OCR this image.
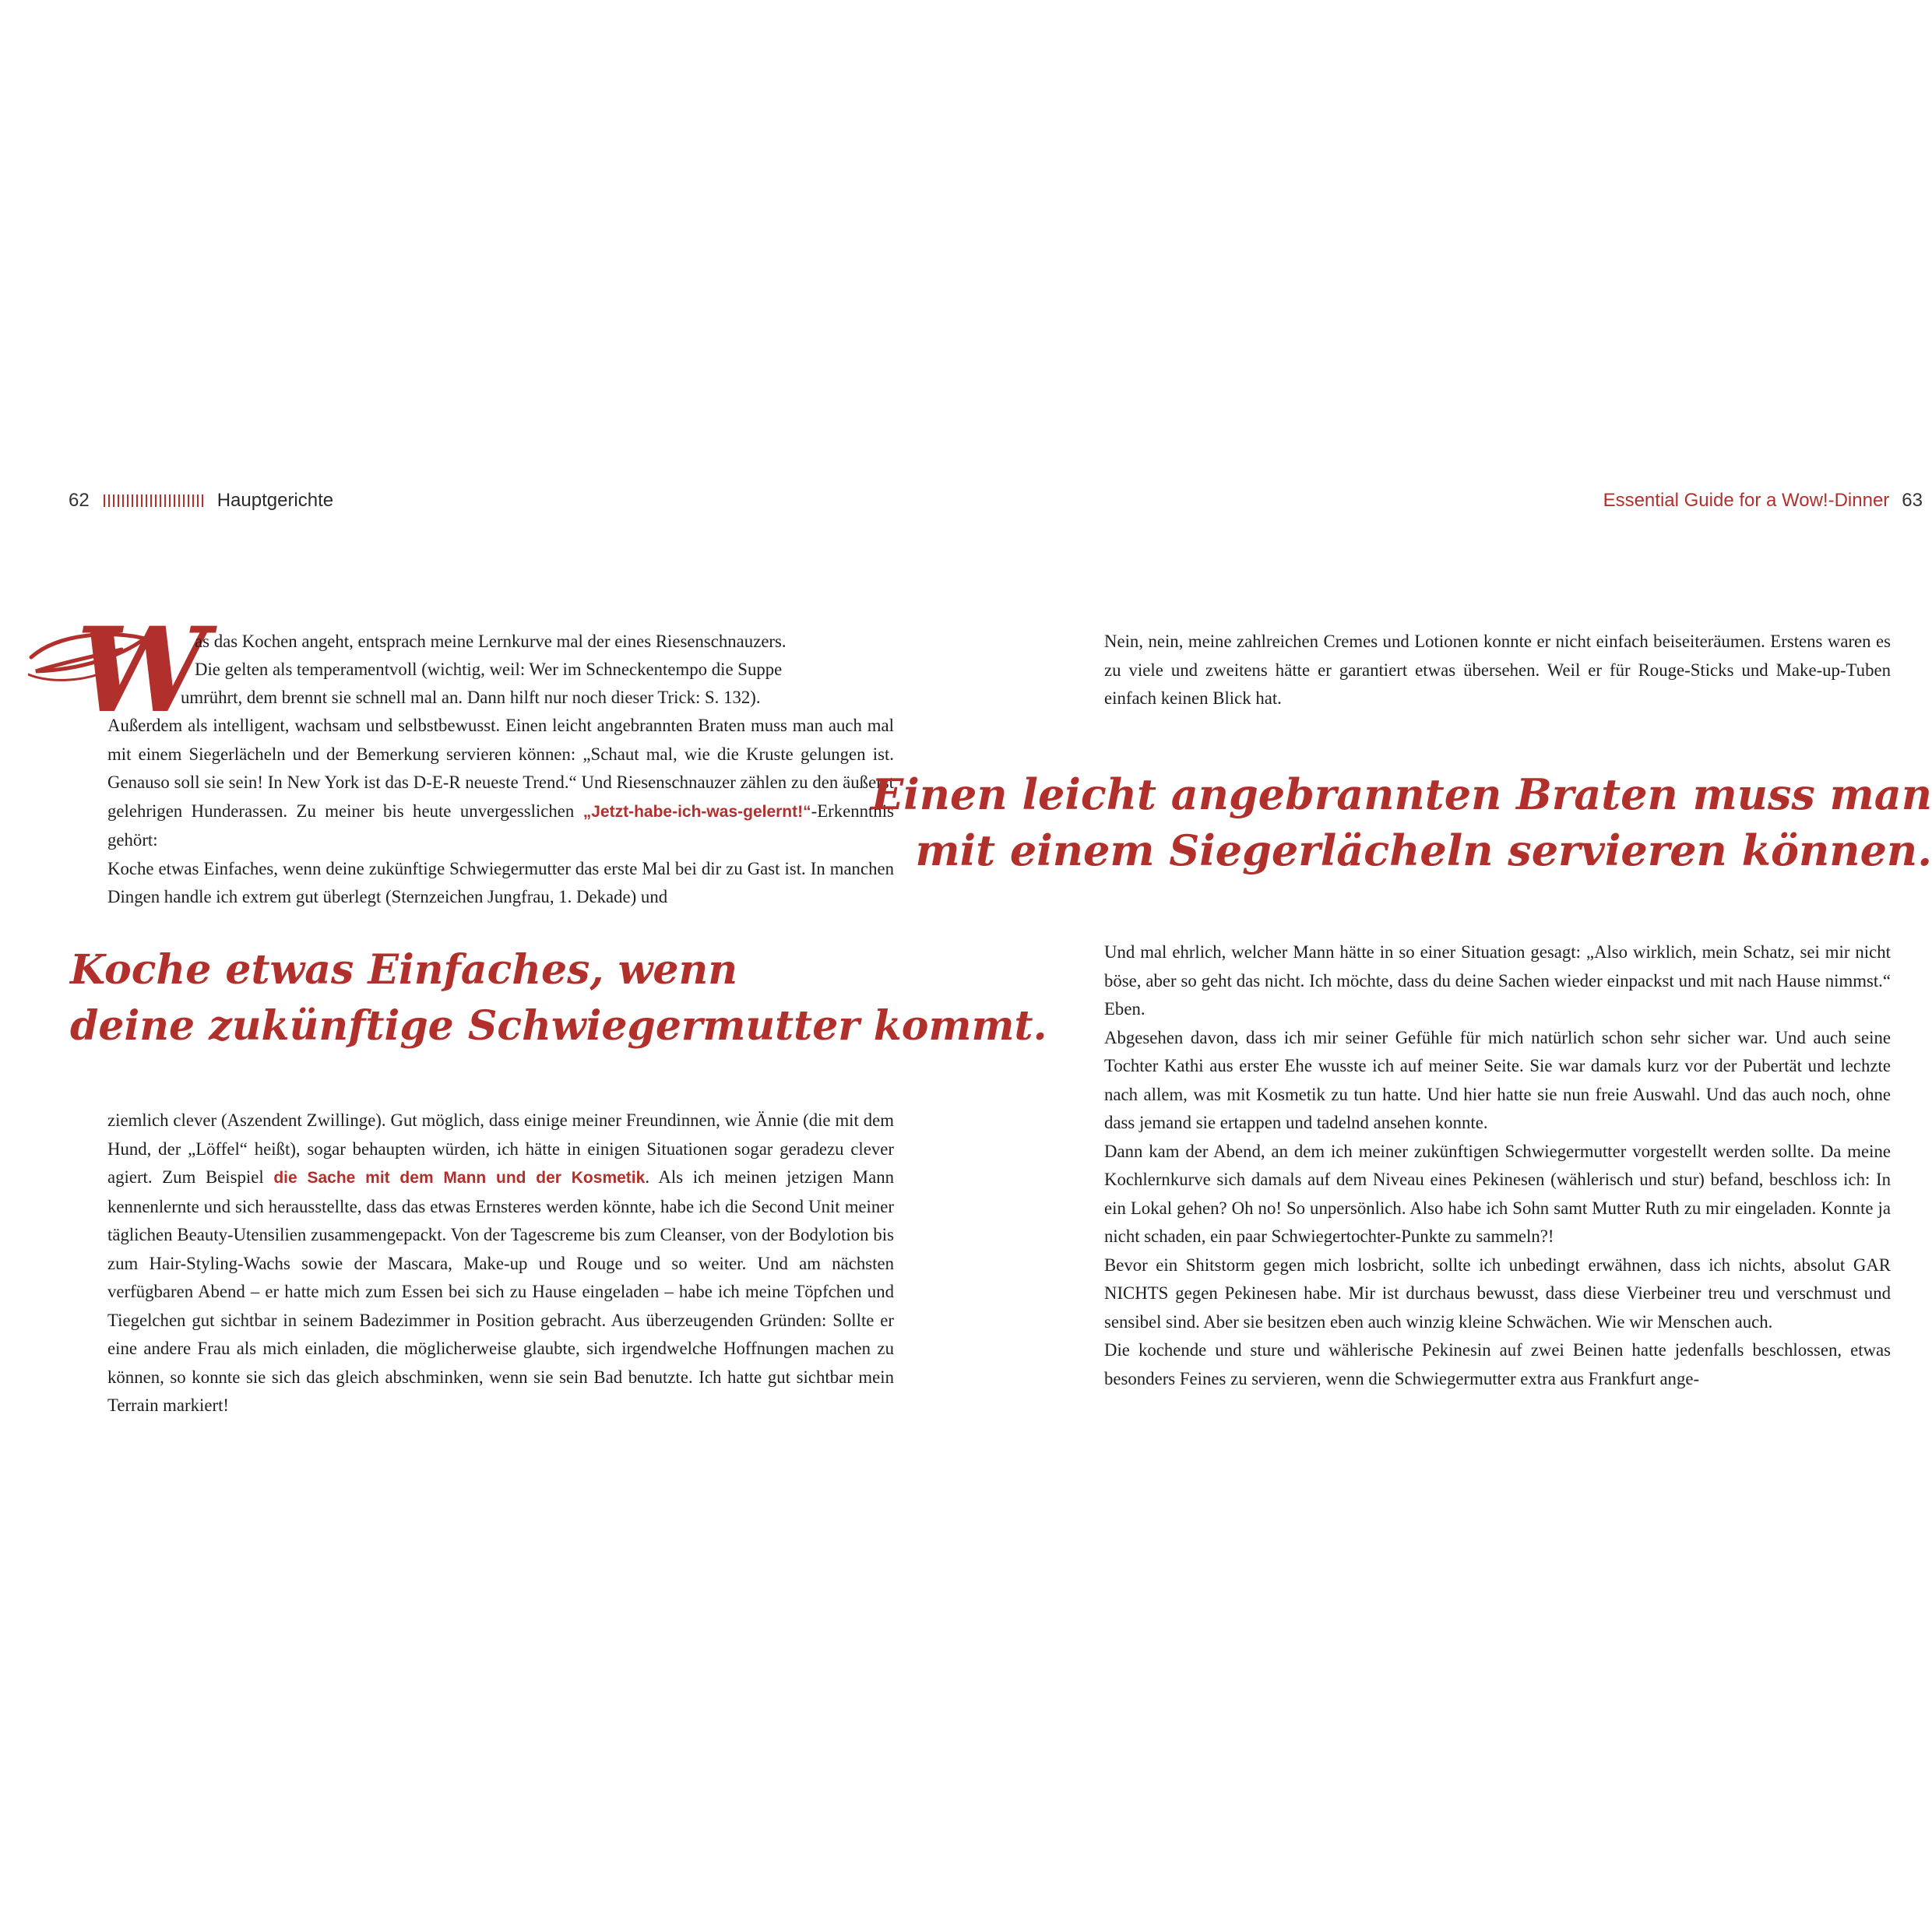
62	Hauptgerichte
W

as das Kochen angeht, entsprach meine Lernkurve mal der eines Riesenschnauzers.

Die gelten als temperamentvoll (wichtig, weil: Wer im Schneckentempo die Suppe

umrührt, dem brennt sie schnell mal an. Dann hilft nur noch dieser Trick: S. 132).

Außerdem als intelligent, wachsam und selbstbewusst. Einen leicht angebrannten Braten muss man auch mal mit einem Siegerlächeln und der Bemerkung servieren können: „Schaut mal, wie die Kruste gelungen ist. Genauso soll sie sein! In New York ist das D-E-R neueste Trend.“ Und Riesenschnauzer zählen zu den äußerst gelehrigen Hunderassen. Zu meiner bis heute unvergesslichen „Jetzt-habe-ich-was-gelernt!“-Erkenntnis gehört:

Koche etwas Einfaches, wenn deine zukünftige Schwiegermutter das erste Mal bei dir zu Gast ist. In manchen Dingen handle ich extrem gut überlegt (Sternzeichen Jungfrau, 1. Dekade) und

Koche etwas Einfaches, wenn
deine zukünftige Schwiegermutter kommt.

ziemlich clever (Aszendent Zwillinge). Gut möglich, dass einige meiner Freundinnen, wie Ännie (die mit dem Hund, der „Löffel“ heißt), sogar behaupten würden, ich hätte in einigen Situationen sogar geradezu clever agiert. Zum Beispiel die Sache mit dem Mann und der Kosmetik. Als ich meinen jetzigen Mann kennenlernte und sich herausstellte, dass das etwas Ernsteres werden könnte, habe ich die Second Unit meiner täglichen Beauty-Utensilien zusammengepackt. Von der Tagescreme bis zum Cleanser, von der Bodylotion bis zum Hair-Styling-Wachs sowie der Mascara, Make-up und Rouge und so weiter. Und am nächsten verfügbaren Abend – er hatte mich zum Essen bei sich zu Hause eingeladen – habe ich meine Töpfchen und Tiegelchen gut sichtbar in seinem Badezimmer in Position gebracht. Aus überzeugenden Gründen: Sollte er eine andere Frau als mich einladen, die möglicherweise glaubte, sich irgendwelche Hoffnungen machen zu können, so konnte sie sich das gleich abschminken, wenn sie sein Bad benutzte. Ich hatte gut sichtbar mein Terrain markiert!

Essential Guide for a Wow!-Dinner 63

Nein, nein, meine zahlreichen Cremes und Lotionen konnte er nicht einfach beiseiteräumen. Erstens waren es zu viele und zweitens hätte er garantiert etwas übersehen. Weil er für Rouge-Sticks und Make-up-Tuben einfach keinen Blick hat.

Einen leicht angebrannten Braten muss man
mit einem Siegerlächeln servieren können.

Und mal ehrlich, welcher Mann hätte in so einer Situation gesagt: „Also wirklich, mein Schatz, sei mir nicht böse, aber so geht das nicht. Ich möchte, dass du deine Sachen wieder einpackst und mit nach Hause nimmst.“ Eben.

Abgesehen davon, dass ich mir seiner Gefühle für mich natürlich schon sehr sicher war. Und auch seine Tochter Kathi aus erster Ehe wusste ich auf meiner Seite. Sie war damals kurz vor der Pubertät und lechzte nach allem, was mit Kosmetik zu tun hatte. Und hier hatte sie nun freie Auswahl. Und das auch noch, ohne dass jemand sie ertappen und tadelnd ansehen konnte.

Dann kam der Abend, an dem ich meiner zukünftigen Schwiegermutter vorgestellt werden sollte. Da meine Kochlernkurve sich damals auf dem Niveau eines Pekinesen (wählerisch und stur) befand, beschloss ich: In ein Lokal gehen? Oh no! So unpersönlich. Also habe ich Sohn samt Mutter Ruth zu mir eingeladen. Konnte ja nicht schaden, ein paar Schwiegertochter-Punkte zu sammeln?!

Bevor ein Shitstorm gegen mich losbricht, sollte ich unbedingt erwähnen, dass ich nichts, absolut GAR NICHTS gegen Pekinesen habe. Mir ist durchaus bewusst, dass diese Vierbeiner treu und verschmust und sensibel sind. Aber sie besitzen eben auch winzig kleine Schwächen. Wie wir Menschen auch.

Die kochende und sture und wählerische Pekinesin auf zwei Beinen hatte jedenfalls beschlossen, etwas besonders Feines zu servieren, wenn die Schwiegermutter extra aus Frankfurt ange-
